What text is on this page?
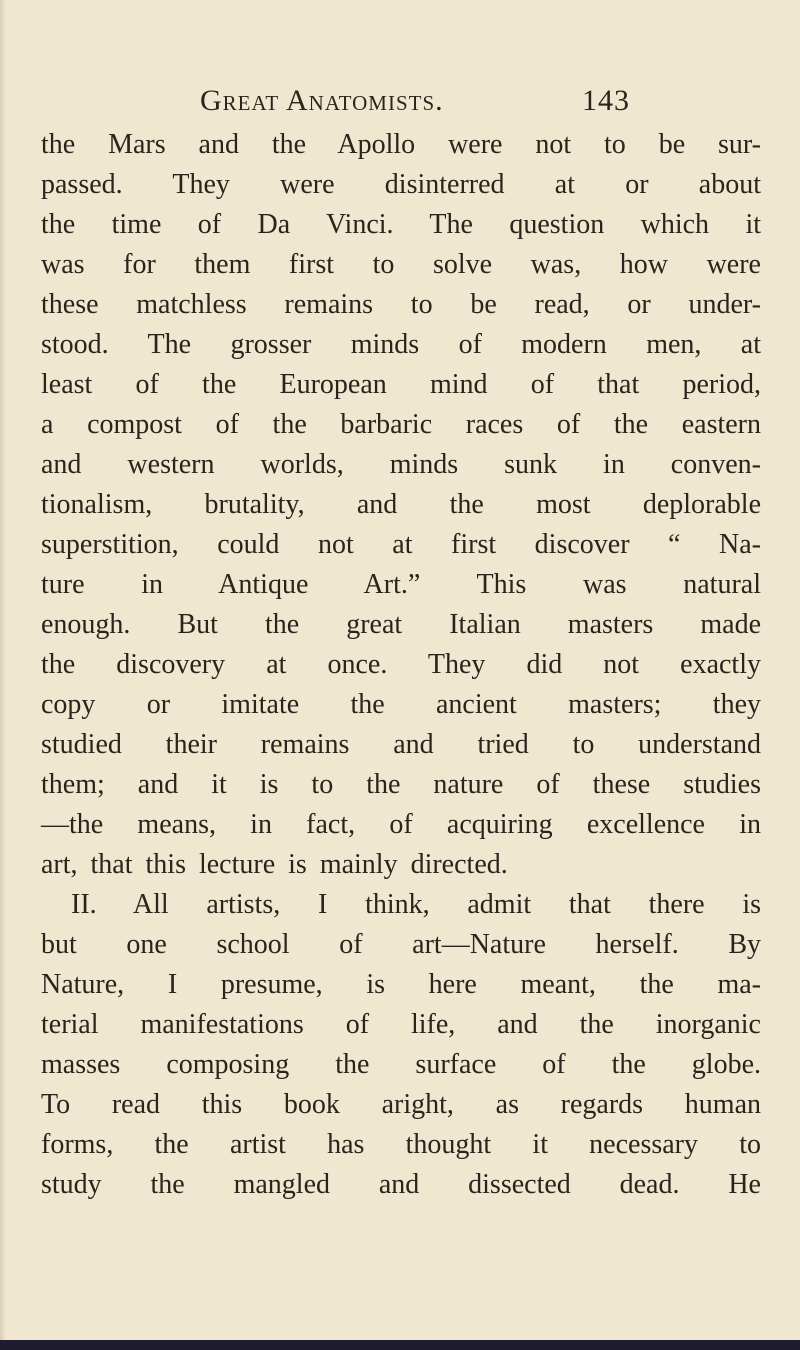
Great Anatomists.	143
the Mars and the Apollo were not to be sur-
passed. They were disinterred at or about
the time of Da Vinci. The question which it
was for them first to solve was, how were
these matchless remains to be read, or under-
stood. The grosser minds of modern men, at
least of the European mind of that period,
a compost of the barbaric races of the eastern
and western worlds, minds sunk in conven-
tionalism, brutality, and the most deplorable
superstition, could not at first discover “ Na-
ture in Antique Art.” This was natural
enough. But the great Italian masters made
the discovery at once. They did not exactly
copy or imitate the ancient masters; they
studied their remains and tried to understand
them; and it is to the nature of these studies
—the means, in fact, of acquiring excellence in
art, that this lecture is mainly directed.
II. All artists, I think, admit that there is
but one school of art—Nature herself. By
Nature, I presume, is here meant, the ma-
terial manifestations of life, and the inorganic
masses composing the surface of the globe.
To read this book aright, as regards human
forms, the artist has thought it necessary to
study the mangled and dissected dead. He
